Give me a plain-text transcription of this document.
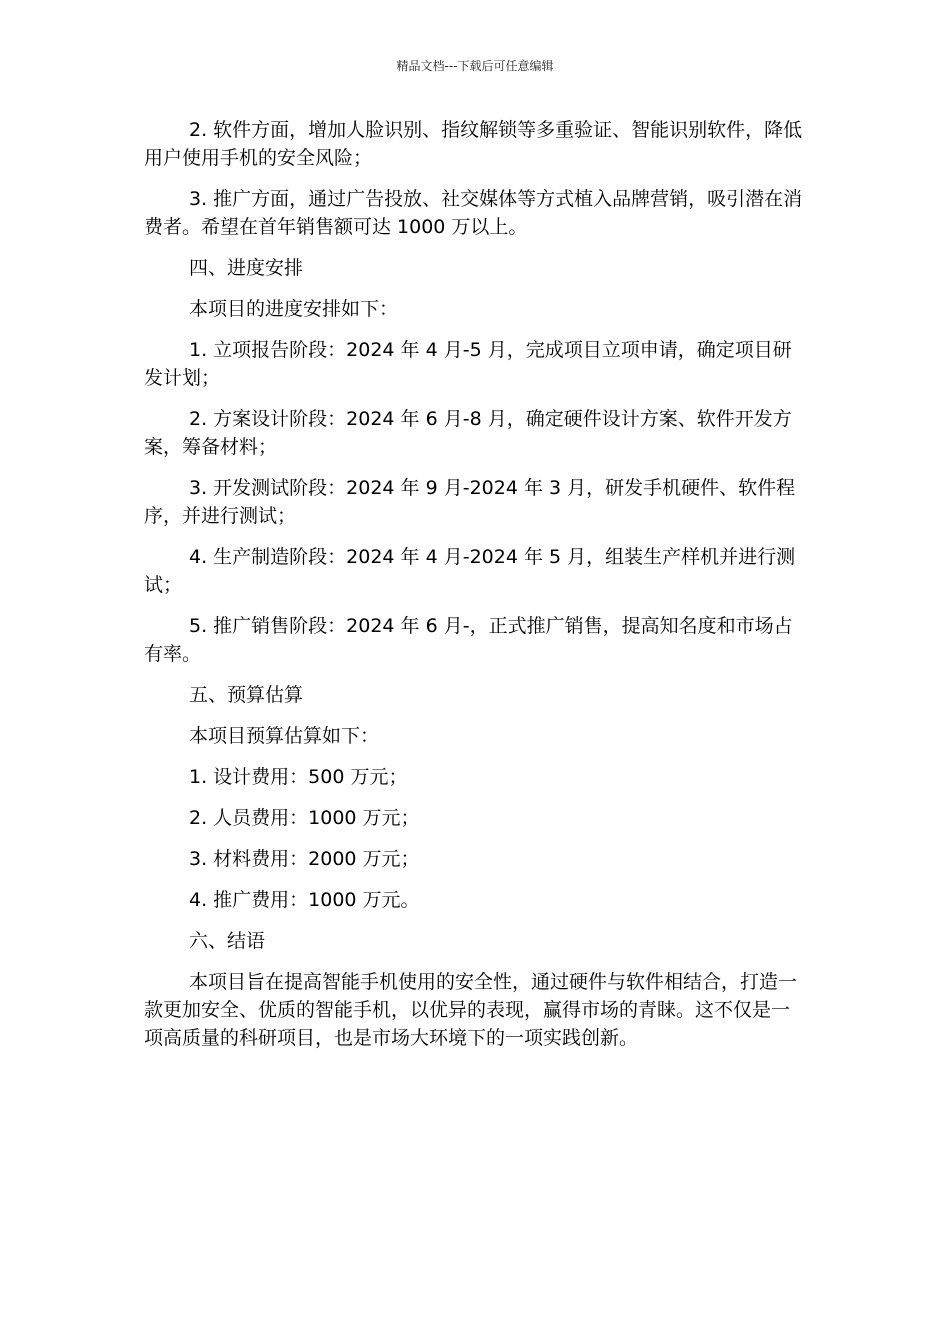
精品文档---下载后可任意编辑

2. 软件方面，增加人脸识别、指纹解锁等多重验证、智能识别软件，降低用户使用手机的安全风险；

3. 推广方面，通过广告投放、社交媒体等方式植入品牌营销，吸引潜在消费者。希望在首年销售额可达 1000 万以上。

四、进度安排

本项目的进度安排如下：

1. 立项报告阶段：2024 年 4 月-5 月，完成项目立项申请，确定项目研发计划；

2. 方案设计阶段：2024 年 6 月-8 月，确定硬件设计方案、软件开发方案，筹备材料；

3. 开发测试阶段：2024 年 9 月-2024 年 3 月，研发手机硬件、软件程序，并进行测试；

4. 生产制造阶段：2024 年 4 月-2024 年 5 月，组装生产样机并进行测试；

5. 推广销售阶段：2024 年 6 月-，正式推广销售，提高知名度和市场占有率。

五、预算估算

本项目预算估算如下：

1. 设计费用：500 万元；

2. 人员费用：1000 万元；

3. 材料费用：2000 万元；

4. 推广费用：1000 万元。

六、结语

本项目旨在提高智能手机使用的安全性，通过硬件与软件相结合，打造一款更加安全、优质的智能手机，以优异的表现，赢得市场的青睐。这不仅是一项高质量的科研项目，也是市场大环境下的一项实践创新。
